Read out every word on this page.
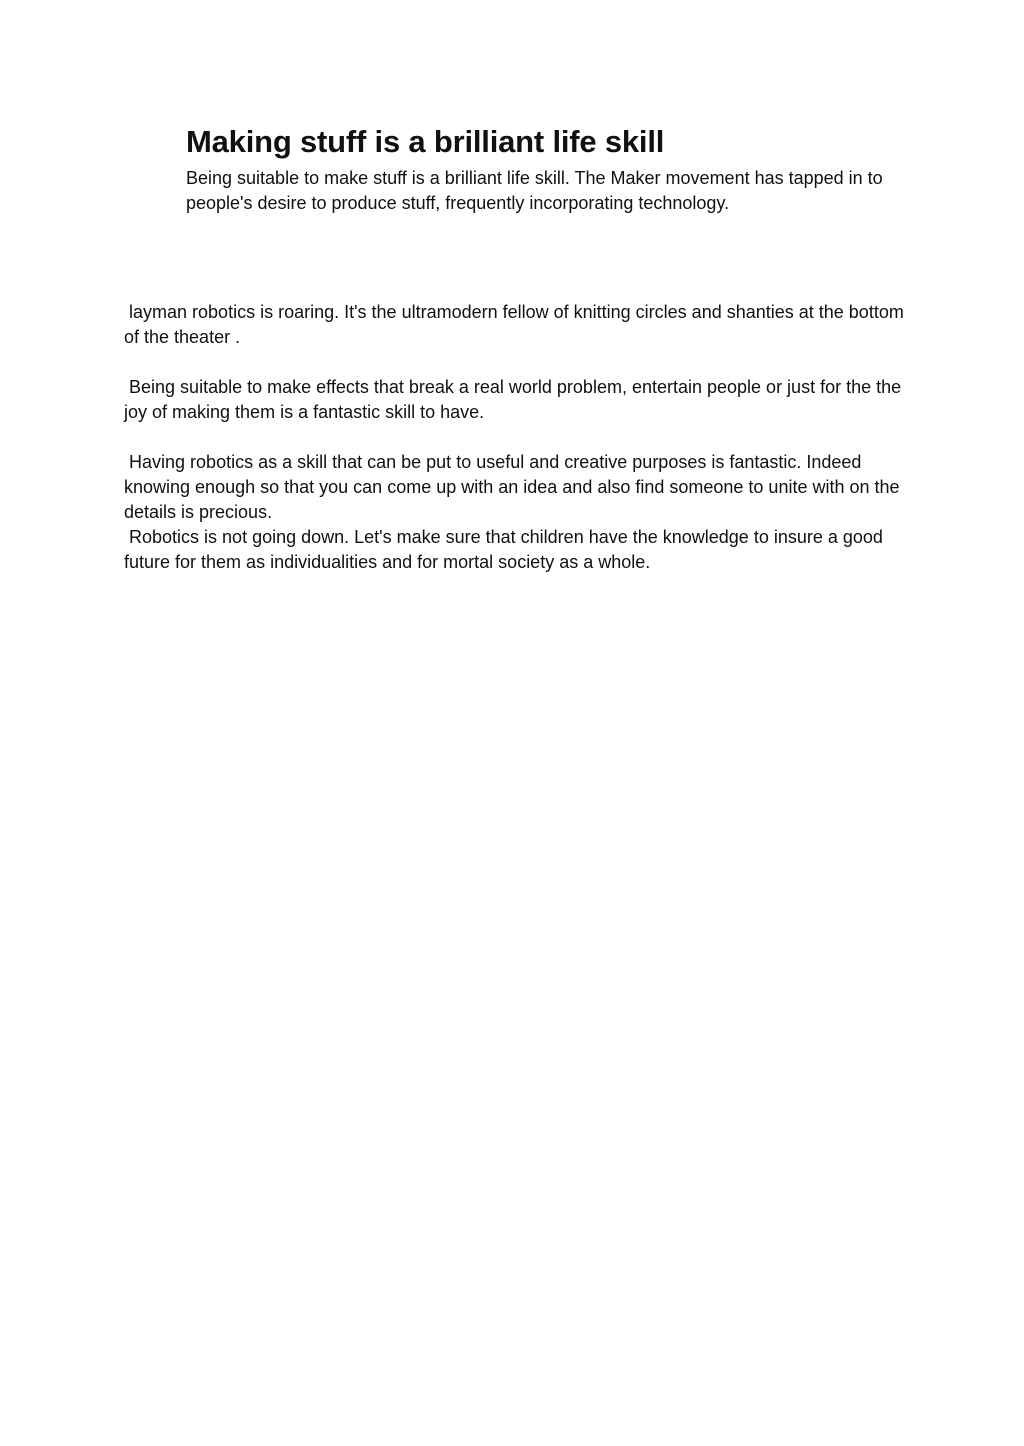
Making stuff is a brilliant life skill

Being suitable to make stuff is a brilliant life skill. The Maker movement has tapped in to people's desire to produce stuff, frequently incorporating technology.

layman robotics is roaring. It's the ultramodern fellow of knitting circles and shanties at the bottom of the theater .

Being suitable to make effects that break a real world problem, entertain people or just for the the joy of making them is a fantastic skill to have.

Having robotics as a skill that can be put to useful and creative purposes is fantastic. Indeed knowing enough so that you can come up with an idea and also find someone to unite with on the details is precious.

Robotics is not going down. Let's make sure that children have the knowledge to insure a good future for them as individualities and for mortal society as a whole.
